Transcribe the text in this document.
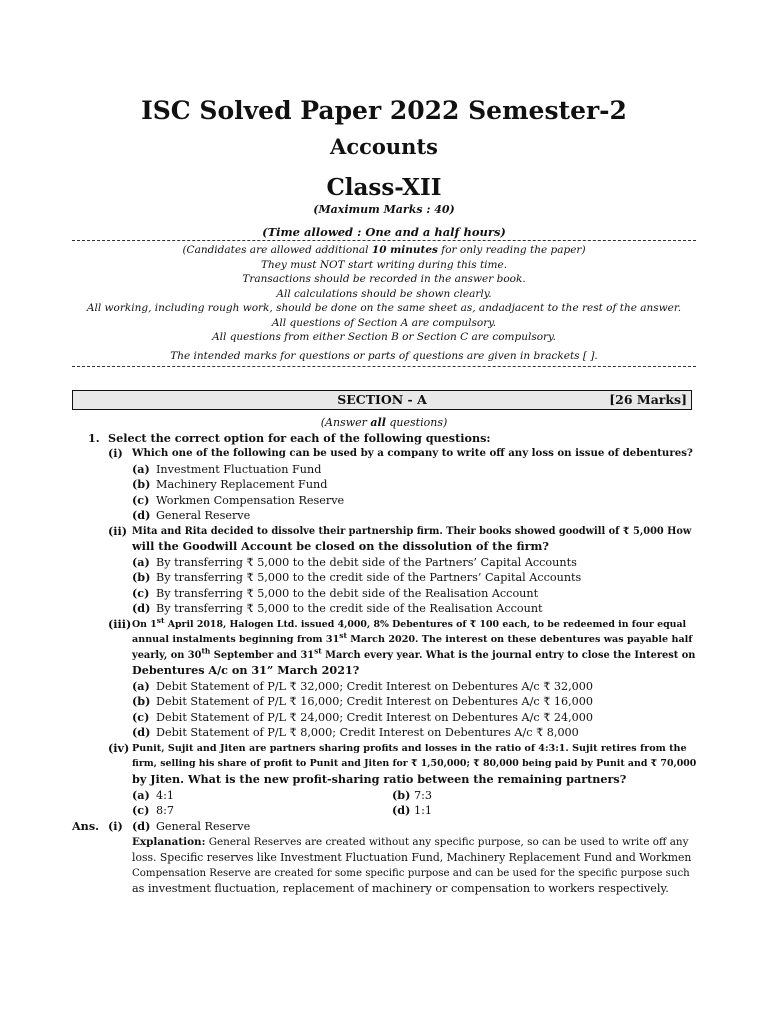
ISC Solved Paper 2022 Semester-2
Accounts
Class-XII
(Maximum Marks : 40)
(Time allowed : One and a half hours)
(Candidates are allowed additional 10 minutes for only reading the paper)
They must NOT start writing during this time.
Transactions should be recorded in the answer book.
All calculations should be shown clearly.
All working, including rough work, should be done on the same sheet as, andadjacent to the rest of the answer.
All questions of Section A are compulsory.
All questions from either Section B or Section C are compulsory.
The intended marks for questions or parts of questions are given in brackets [ ].
SECTION - A	[26 Marks]
(Answer all questions)
1. Select the correct option for each of the following questions:
(i) Which one of the following can be used by a company to write off any loss on issue of debentures?
(a) Investment Fluctuation Fund
(b) Machinery Replacement Fund
(c) Workmen Compensation Reserve
(d) General Reserve
(ii) Mita and Rita decided to dissolve their partnership firm. Their books showed goodwill of ₹ 5,000 How
will the Goodwill Account be closed on the dissolution of the firm?
(a) By transferring ₹ 5,000 to the debit side of the Partners’ Capital Accounts
(b) By transferring ₹ 5,000 to the credit side of the Partners’ Capital Accounts
(c) By transferring ₹ 5,000 to the debit side of the Realisation Account
(d) By transferring ₹ 5,000 to the credit side of the Realisation Account
(iii) On 1st April 2018, Halogen Ltd. issued 4,000, 8% Debentures of ₹ 100 each, to be redeemed in four equal
annual instalments beginning from 31st March 2020. The interest on these debentures was payable half
yearly, on 30th September and 31st March every year. What is the journal entry to close the Interest on
Debentures A/c on 31” March 2021?
(a) Debit Statement of P/L ₹ 32,000; Credit Interest on Debentures A/c ₹ 32,000
(b) Debit Statement of P/L ₹ 16,000; Credit Interest on Debentures A/c ₹ 16,000
(c) Debit Statement of P/L ₹ 24,000; Credit Interest on Debentures A/c ₹ 24,000
(d) Debit Statement of P/L ₹ 8,000; Credit Interest on Debentures A/c ₹ 8,000
(iv) Punit, Sujit and Jiten are partners sharing profits and losses in the ratio of 4:3:1. Sujit retires from the
firm, selling his share of profit to Punit and Jiten for ₹ 1,50,000; ₹ 80,000 being paid by Punit and ₹ 70,000
by Jiten. What is the new profit-sharing ratio between the remaining partners?
(a) 4:1	(b) 7:3
(c) 8:7	(d) 1:1
Ans. (i) (d) General Reserve
Explanation: General Reserves are created without any specific purpose, so can be used to write off any
loss. Specific reserves like Investment Fluctuation Fund, Machinery Replacement Fund and Workmen
Compensation Reserve are created for some specific purpose and can be used for the specific purpose such
as investment fluctuation, replacement of machinery or compensation to workers respectively.
